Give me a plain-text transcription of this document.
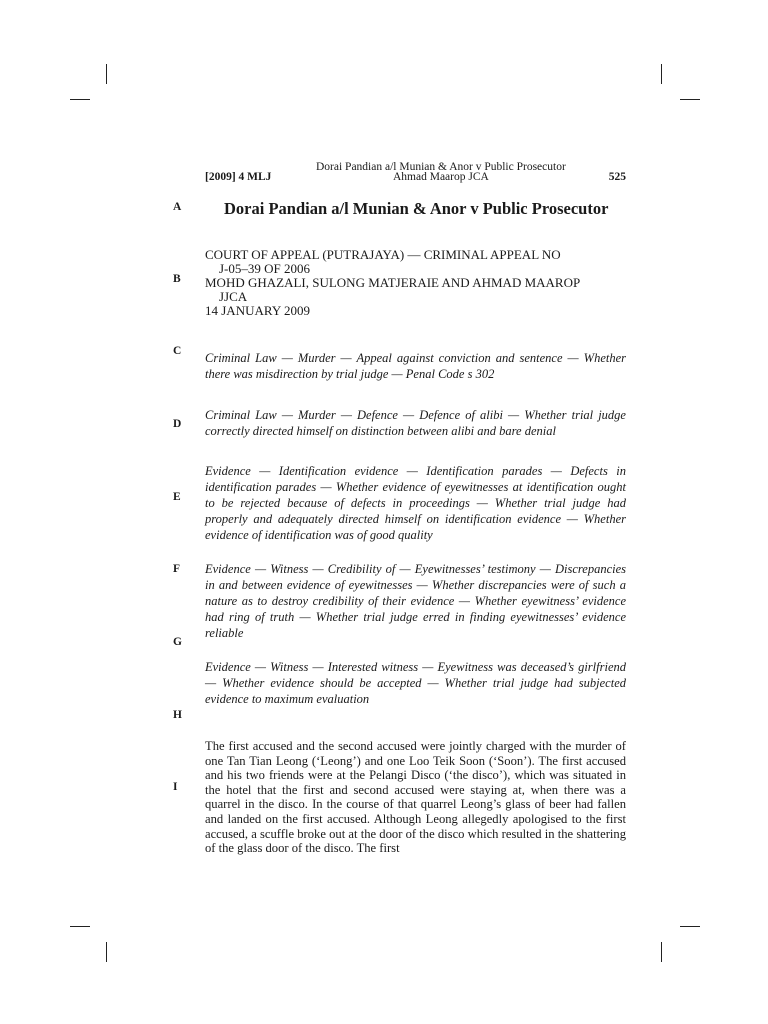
Dorai Pandian a/l Munian & Anor v Public Prosecutor
[2009] 4 MLJ	Ahmad Maarop JCA	525
A
B
C
D
E
F
G
H
I
Dorai Pandian a/l Munian & Anor v Public Prosecutor
COURT OF APPEAL (PUTRAJAYA) — CRIMINAL APPEAL NO
J-05–39 OF 2006
MOHD GHAZALI, SULONG MATJERAIE AND AHMAD MAAROP
JJCA
14 JANUARY 2009
Criminal Law — Murder — Appeal against conviction and sentence — Whether there was misdirection by trial judge — Penal Code s 302
Criminal Law — Murder — Defence — Defence of alibi — Whether trial judge correctly directed himself on distinction between alibi and bare denial
Evidence — Identification evidence — Identification parades — Defects in identification parades — Whether evidence of eyewitnesses at identification ought to be rejected because of defects in proceedings — Whether trial judge had properly and adequately directed himself on identification evidence — Whether evidence of identification was of good quality
Evidence — Witness — Credibility of — Eyewitnesses’ testimony — Discrepancies in and between evidence of eyewitnesses — Whether discrepancies were of such a nature as to destroy credibility of their evidence — Whether eyewitness’ evidence had ring of truth — Whether trial judge erred in finding eyewitnesses’ evidence reliable
Evidence — Witness — Interested witness — Eyewitness was deceased’s girlfriend — Whether evidence should be accepted — Whether trial judge had subjected evidence to maximum evaluation
The first accused and the second accused were jointly charged with the murder of one Tan Tian Leong (‘Leong’) and one Loo Teik Soon (‘Soon’). The first accused and his two friends were at the Pelangi Disco (‘the disco’), which was situated in the hotel that the first and second accused were staying at, when there was a quarrel in the disco. In the course of that quarrel Leong’s glass of beer had fallen and landed on the first accused. Although Leong allegedly apologised to the first accused, a scuffle broke out at the door of the disco which resulted in the shattering of the glass door of the disco. The first
